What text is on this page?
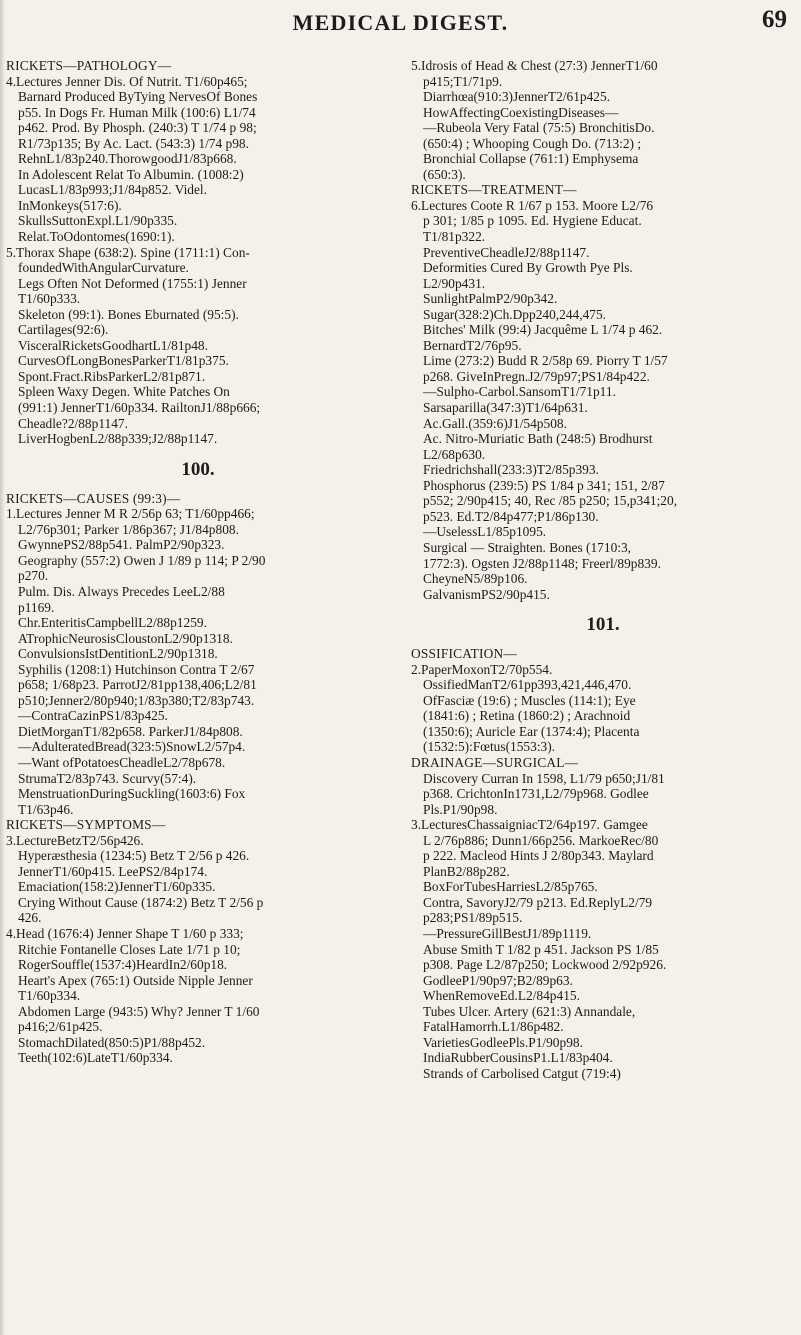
MEDICAL DIGEST.	69
RICKETS—PATHOLOGY—
4.Lectures Jenner Dis. Of Nutrit. T1/60p465;
Barnard Produced ByTying NervesOf Bones
p55. In Dogs Fr. Human Milk (100:6) L1/74
p462. Prod. By Phosph. (240:3) T 1/74 p 98;
R1/73p135; By Ac. Lact. (543:3) 1/74 p98.
RehnL1/83p240.ThorowgoodJ1/83p668.
In Adolescent Relat To Albumin. (1008:2)
LucasL1/83p993;J1/84p852. Videl.
InMonkeys(517:6).
SkullsSuttonExpl.L1/90p335.
Relat.ToOdontomes(1690:1).
5.Thorax Shape (638:2). Spine (1711:1) Con-
foundedWithAngularCurvature.
Legs Often Not Deformed (1755:1) Jenner
T1/60p333.
Skeleton (99:1). Bones Eburnated (95:5).
Cartilages(92:6).
VisceralRicketsGoodhartL1/81p48.
CurvesOfLongBonesParkerT1/81p375.
Spont.Fract.RibsParkerL2/81p871.
Spleen Waxy Degen. White Patches On
(991:1) JennerT1/60p334. RailtonJ1/88p666;
Cheadle?2/88p1147.
LiverHogbenL2/88p339;J2/88p1147.
100.
RICKETS—CAUSES (99:3)—
1.Lectures Jenner M R 2/56p 63; T1/60pp466;
L2/76p301; Parker 1/86p367; J1/84p808.
GwynnePS2/88p541. PalmP2/90p323.
Geography (557:2) Owen J 1/89 p 114; P 2/90
p270.
Pulm. Dis. Always Precedes LeeL2/88
p1169.
Chr.EnteritisCampbellL2/88p1259.
ATrophicNeurosisCloustonL2/90p1318.
ConvulsionsIstDentitionL2/90p1318.
Syphilis (1208:1) Hutchinson Contra T 2/67
p658; 1/68p23. ParrotJ2/81pp138,406;L2/81
p510;Jenner2/80p940;1/83p380;T2/83p743.
—ContraCazinPS1/83p425.
DietMorganT1/82p658. ParkerJ1/84p808.
—AdulteratedBread(323:5)SnowL2/57p4.
—Want ofPotatoesCheadleL2/78p678.
StrumaT2/83p743. Scurvy(57:4).
MenstruationDuringSuckling(1603:6) Fox
T1/63p46.
RICKETS—SYMPTOMS—
3.LectureBetzT2/56p426.
Hyperæsthesia (1234:5) Betz T 2/56 p 426.
JennerT1/60p415. LeePS2/84p174.
Emaciation(158:2)JennerT1/60p335.
Crying Without Cause (1874:2) Betz T 2/56 p
426.
4.Head (1676:4) Jenner Shape T 1/60 p 333;
Ritchie Fontanelle Closes Late 1/71 p 10;
RogerSouffle(1537:4)HeardIn2/60p18.
Heart's Apex (765:1) Outside Nipple Jenner
T1/60p334.
Abdomen Large (943:5) Why? Jenner T 1/60
p416;2/61p425.
StomachDilated(850:5)P1/88p452.
Teeth(102:6)LateT1/60p334.
5.Idrosis of Head & Chest (27:3) JennerT1/60
p415;T1/71p9.
Diarrhœa(910:3)JennerT2/61p425.
HowAffectingCoexistingDiseases—
—Rubeola Very Fatal (75:5) BronchitisDo.
(650:4) ; Whooping Cough Do. (713:2) ;
Bronchial Collapse (761:1) Emphysema
(650:3).
RICKETS—TREATMENT—
6.Lectures Coote R 1/67 p 153. Moore L2/76
p 301; 1/85 p 1095. Ed. Hygiene Educat.
T1/81p322.
PreventiveCheadleJ2/88p1147.
Deformities Cured By Growth Pye Pls.
L2/90p431.
SunlightPalmP2/90p342.
Sugar(328:2)Ch.Dpp240,244,475.
Bitches' Milk (99:4) Jacquême L 1/74 p 462.
BernardT2/76p95.
Lime (273:2) Budd R 2/58p 69. Piorry T 1/57
p268. GiveInPregn.J2/79p97;PS1/84p422.
—Sulpho-Carbol.SansomT1/71p11.
Sarsaparilla(347:3)T1/64p631.
Ac.Gall.(359:6)J1/54p508.
Ac. Nitro-Muriatic Bath (248:5) Brodhurst
L2/68p630.
Friedrichshall(233:3)T2/85p393.
Phosphorus (239:5) PS 1/84 p 341; 151, 2/87
p552; 2/90p415; 40, Rec /85 p250; 15,p341;20,
p523. Ed.T2/84p477;P1/86p130.
—UselessL1/85p1095.
Surgical — Straighten. Bones (1710:3,
1772:3). Ogsten J2/88p1148; Freerl/89p839.
CheyneN5/89p106.
GalvanismPS2/90p415.
101.
OSSIFICATION—
2.PaperMoxonT2/70p554.
OssifiedManT2/61pp393,421,446,470.
OfFasciæ (19:6) ; Muscles (114:1); Eye
(1841:6) ; Retina (1860:2) ; Arachnoid
(1350:6); Auricle Ear (1374:4); Placenta
(1532:5):Fœtus(1553:3).
DRAINAGE—SURGICAL—
Discovery Curran In 1598, L1/79 p650;J1/81
p368. CrichtonIn1731,L2/79p968. Godlee
Pls.P1/90p98.
3.LecturesChassaigniacT2/64p197. Gamgee
L 2/76p886; Dunn1/66p256. MarkoeRec/80
p 222. Macleod Hints J 2/80p343. Maylard
PlanB2/88p282.
BoxForTubesHarriesL2/85p765.
Contra, SavoryJ2/79 p213. Ed.ReplyL2/79
p283;PS1/89p515.
—PressureGillBestJ1/89p1119.
Abuse Smith T 1/82 p 451. Jackson PS 1/85
p308. Page L2/87p250; Lockwood 2/92p926.
GodleeP1/90p97;B2/89p63.
WhenRemoveEd.L2/84p415.
Tubes Ulcer. Artery (621:3) Annandale,
FatalHamorrh.L1/86p482.
VarietiesGodleePls.P1/90p98.
IndiaRubberCousinsP1.L1/83p404.
Strands of Carbolised Catgut (719:4)
